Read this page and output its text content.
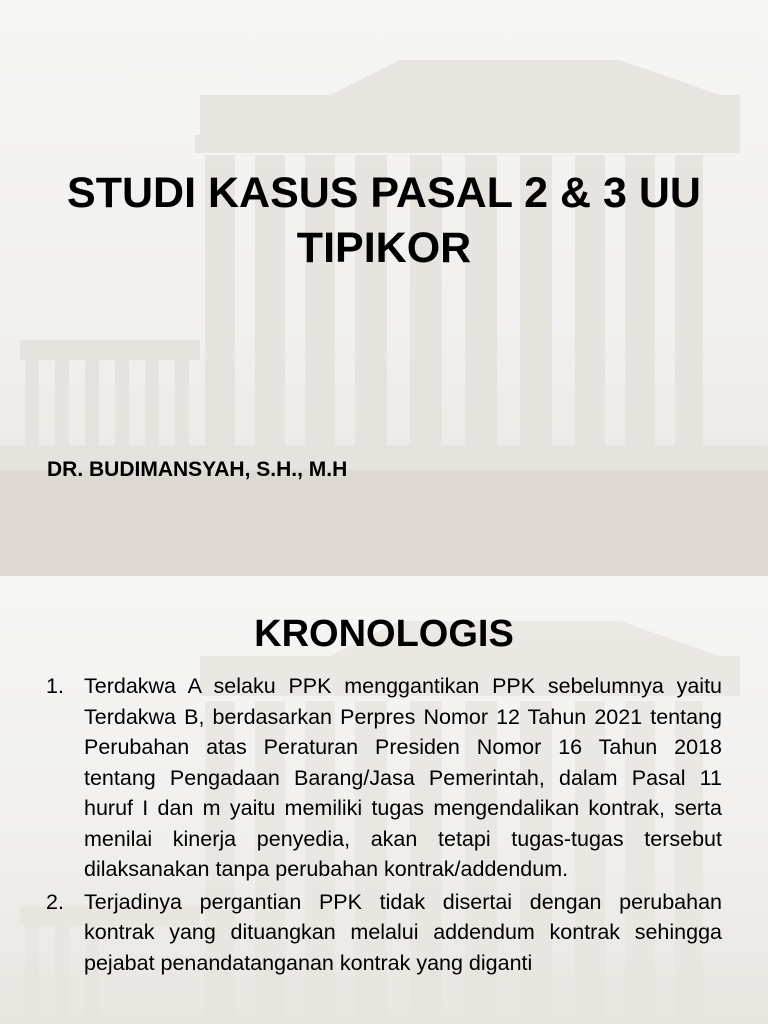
STUDI KASUS PASAL 2 & 3 UU TIPIKOR

DR. BUDIMANSYAH, S.H., M.H

KRONOLOGIS
1. Terdakwa A selaku PPK menggantikan PPK sebelumnya yaitu Terdakwa B, berdasarkan Perpres Nomor 12 Tahun 2021 tentang Perubahan atas Peraturan Presiden Nomor 16 Tahun 2018 tentang Pengadaan Barang/Jasa Pemerintah, dalam Pasal 11 huruf I dan m yaitu memiliki tugas mengendalikan kontrak, serta menilai kinerja penyedia, akan tetapi tugas-tugas tersebut dilaksanakan tanpa perubahan kontrak/addendum.
2. Terjadinya pergantian PPK tidak disertai dengan perubahan kontrak yang dituangkan melalui addendum kontrak sehingga pejabat penandatanganan kontrak yang diganti
